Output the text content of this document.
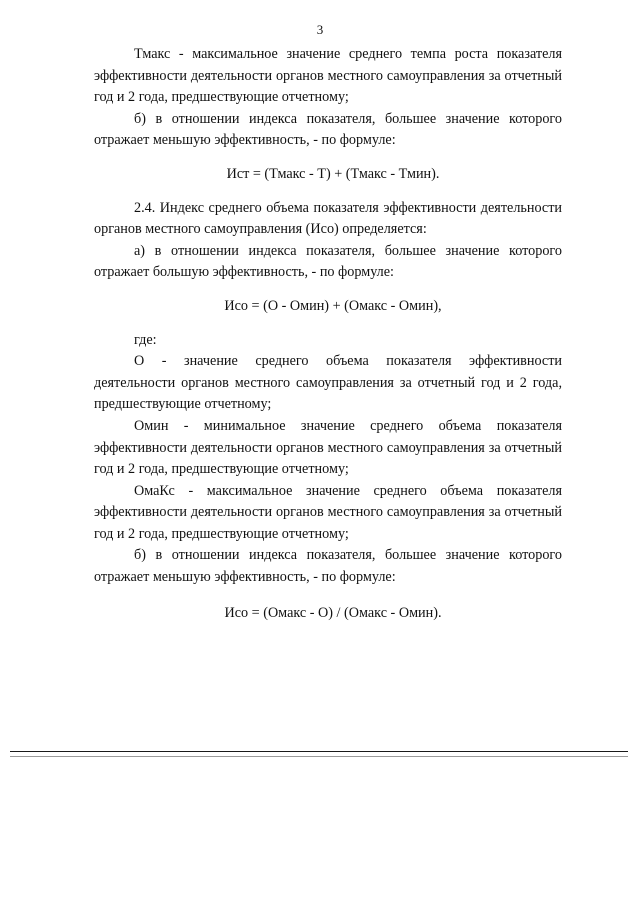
3

Тмакс - максимальное значение среднего темпа роста показателя эффективности деятельности органов местного самоуправления за отчетный год и 2 года, предшествующие отчетному;

б) в отношении индекса показателя, большее значение которого отражает меньшую эффективность, - по формуле:

Ист = (Тмакс - Т) + (Тмакс - Тмин).

2.4. Индекс среднего объема показателя эффективности деятельности органов местного самоуправления (Исо) определяется:

а) в отношении индекса показателя, большее значение которого отражает большую эффективность, - по формуле:

Исо = (О - Омин) + (Омакс - Омин),

где:

О - значение среднего объема показателя эффективности деятельности органов местного самоуправления за отчетный год и 2 года, предшествующие отчетному;

Омин - минимальное значение среднего объема показателя эффективности деятельности органов местного самоуправления за отчетный год и 2 года, предшествующие отчетному;

ОмаКс - максимальное значение среднего объема показателя эффективности деятельности органов местного самоуправления за отчетный год и 2 года, предшествующие отчетному;

б) в отношении индекса показателя, большее значение которого отражает меньшую эффективность, - по формуле:

Исо = (Омакс - О) / (Омакс - Омин).
